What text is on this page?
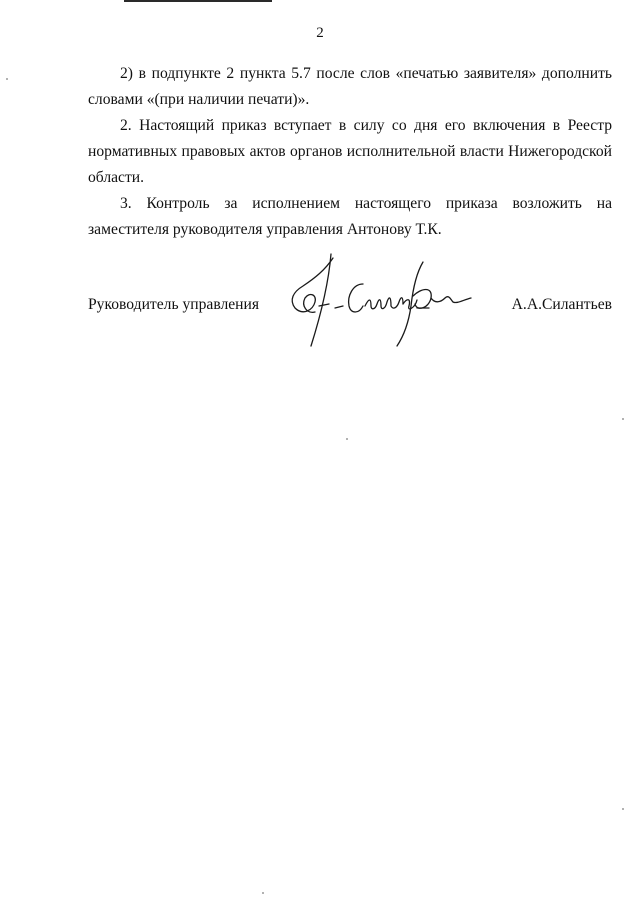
2

2) в подпункте 2 пункта 5.7 после слов «печатью заявителя» дополнить словами «(при наличии печати)».

2. Настоящий приказ вступает в силу со дня его включения в Реестр нормативных правовых актов органов исполнительной власти Нижегородской области.

3. Контроль за исполнением настоящего приказа возложить на заместителя руководителя управления Антонову Т.К.

Руководитель управления	А.А.Силантьев
